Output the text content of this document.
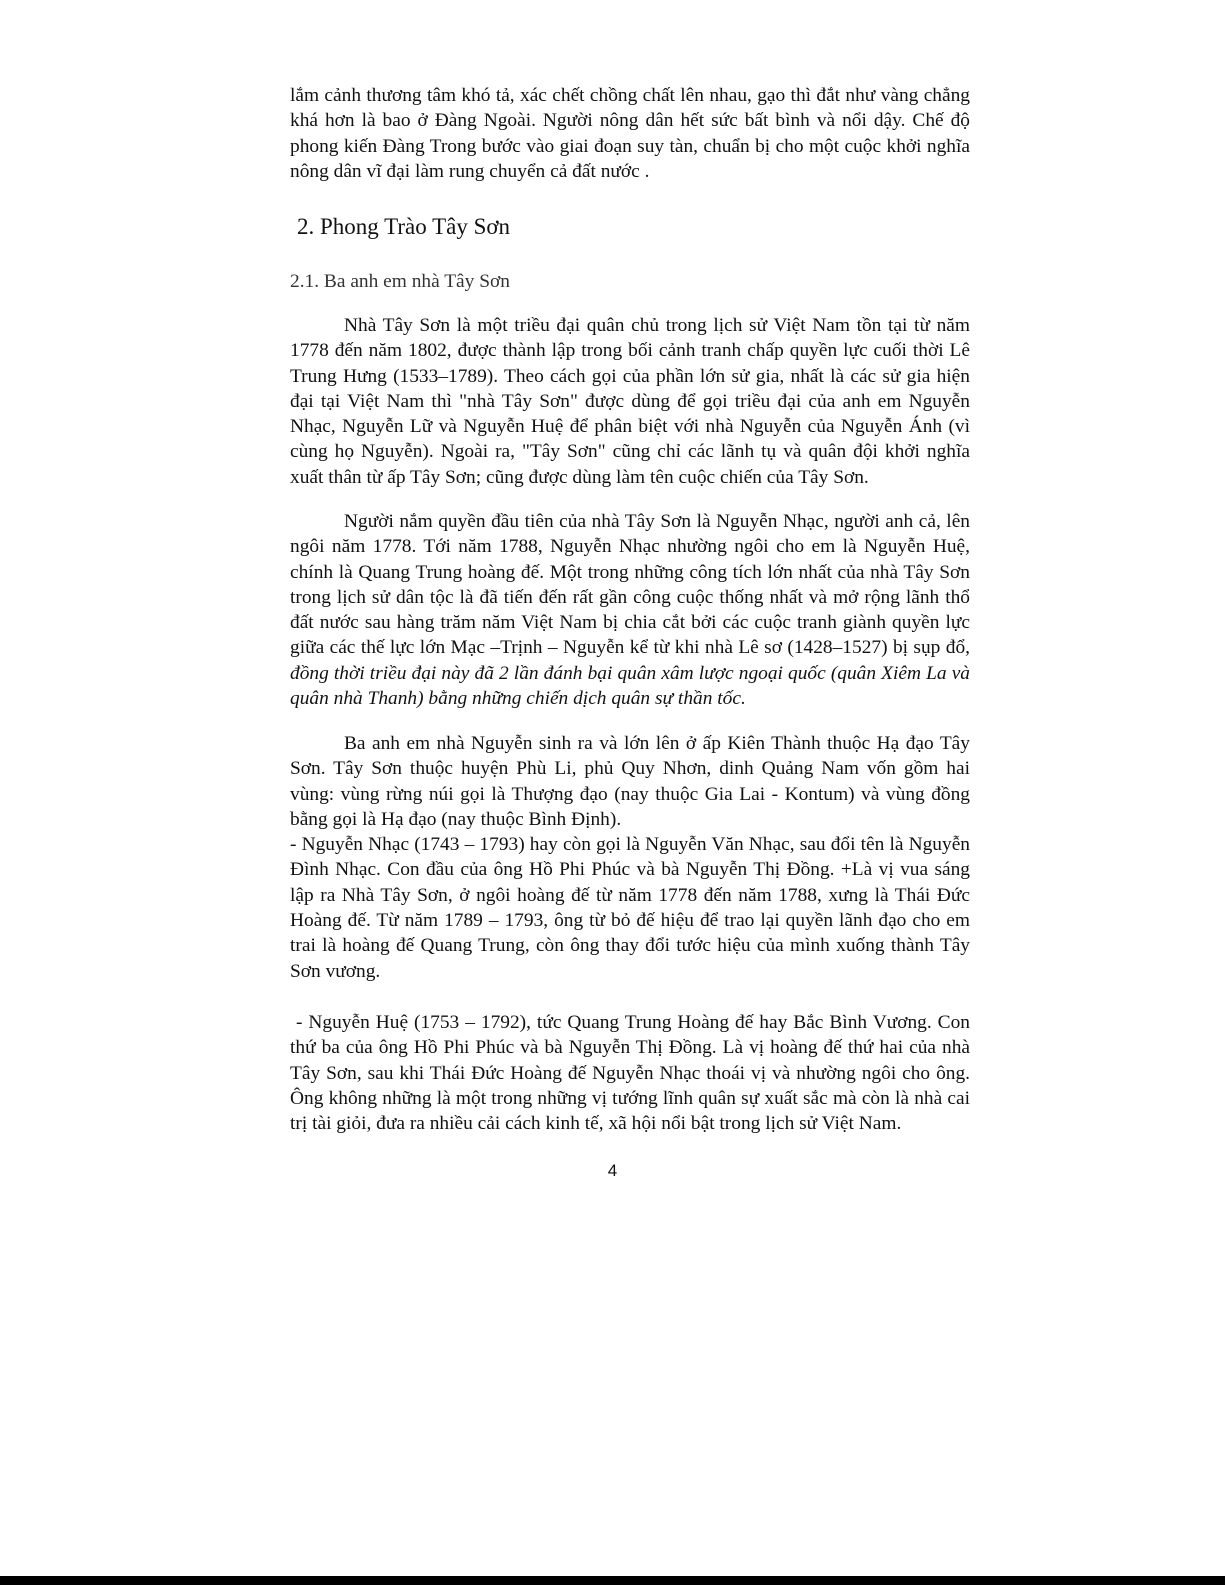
lắm cảnh thương tâm khó tả, xác chết chồng chất lên nhau, gạo thì đắt như vàng chẳng khá hơn là bao ở Đàng Ngoài. Người nông dân hết sức bất bình và nổi dậy. Chế độ phong kiến Đàng Trong bước vào giai đoạn suy tàn, chuẩn bị cho một cuộc khởi nghĩa nông dân vĩ đại làm rung chuyển cả đất nước .

2. Phong Trào Tây Sơn
2.1. Ba anh em nhà Tây Sơn

Nhà Tây Sơn là một triều đại quân chủ trong lịch sử Việt Nam tồn tại từ năm 1778 đến năm 1802, được thành lập trong bối cảnh tranh chấp quyền lực cuối thời Lê Trung Hưng (1533–1789). Theo cách gọi của phần lớn sử gia, nhất là các sử gia hiện đại tại Việt Nam thì "nhà Tây Sơn" được dùng để gọi triều đại của anh em Nguyễn Nhạc, Nguyễn Lữ và Nguyễn Huệ để phân biệt với nhà Nguyễn của Nguyễn Ánh (vì cùng họ Nguyễn). Ngoài ra, "Tây Sơn" cũng chỉ các lãnh tụ và quân đội khởi nghĩa xuất thân từ ấp Tây Sơn; cũng được dùng làm tên cuộc chiến của Tây Sơn.

Người nắm quyền đầu tiên của nhà Tây Sơn là Nguyễn Nhạc, người anh cả, lên ngôi năm 1778. Tới năm 1788, Nguyễn Nhạc nhường ngôi cho em là Nguyễn Huệ, chính là Quang Trung hoàng đế. Một trong những công tích lớn nhất của nhà Tây Sơn trong lịch sử dân tộc là đã tiến đến rất gần công cuộc thống nhất và mở rộng lãnh thổ đất nước sau hàng trăm năm Việt Nam bị chia cắt bởi các cuộc tranh giành quyền lực giữa các thế lực lớn Mạc –Trịnh – Nguyễn kể từ khi nhà Lê sơ (1428–1527) bị sụp đổ, đồng thời triều đại này đã 2 lần đánh bại quân xâm lược ngoại quốc (quân Xiêm La và quân nhà Thanh) bằng những chiến dịch quân sự thần tốc.

Ba anh em nhà Nguyễn sinh ra và lớn lên ở ấp Kiên Thành thuộc Hạ đạo Tây Sơn. Tây Sơn thuộc huyện Phù Li, phủ Quy Nhơn, dinh Quảng Nam vốn gồm hai vùng: vùng rừng núi gọi là Thượng đạo (nay thuộc Gia Lai - Kontum) và vùng đồng bằng gọi là Hạ đạo (nay thuộc Bình Định).

- Nguyễn Nhạc (1743 – 1793) hay còn gọi là Nguyễn Văn Nhạc, sau đổi tên là Nguyễn Đình Nhạc. Con đầu của ông Hồ Phi Phúc và bà Nguyễn Thị Đồng. +Là vị vua sáng lập ra Nhà Tây Sơn, ở ngôi hoàng đế từ năm 1778 đến năm 1788, xưng là Thái Đức Hoàng đế. Từ năm 1789 – 1793, ông từ bỏ đế hiệu để trao lại quyền lãnh đạo cho em trai là hoàng đế Quang Trung, còn ông thay đổi tước hiệu của mình xuống thành Tây Sơn vương.

- Nguyễn Huệ (1753 – 1792), tức Quang Trung Hoàng đế hay Bắc Bình Vương. Con thứ ba của ông Hồ Phi Phúc và bà Nguyễn Thị Đồng. Là vị hoàng đế thứ hai của nhà Tây Sơn, sau khi Thái Đức Hoàng đế Nguyễn Nhạc thoái vị và nhường ngôi cho ông. Ông không những là một trong những vị tướng lĩnh quân sự xuất sắc mà còn là nhà cai trị tài giỏi, đưa ra nhiều cải cách kinh tế, xã hội nổi bật trong lịch sử Việt Nam.

4
